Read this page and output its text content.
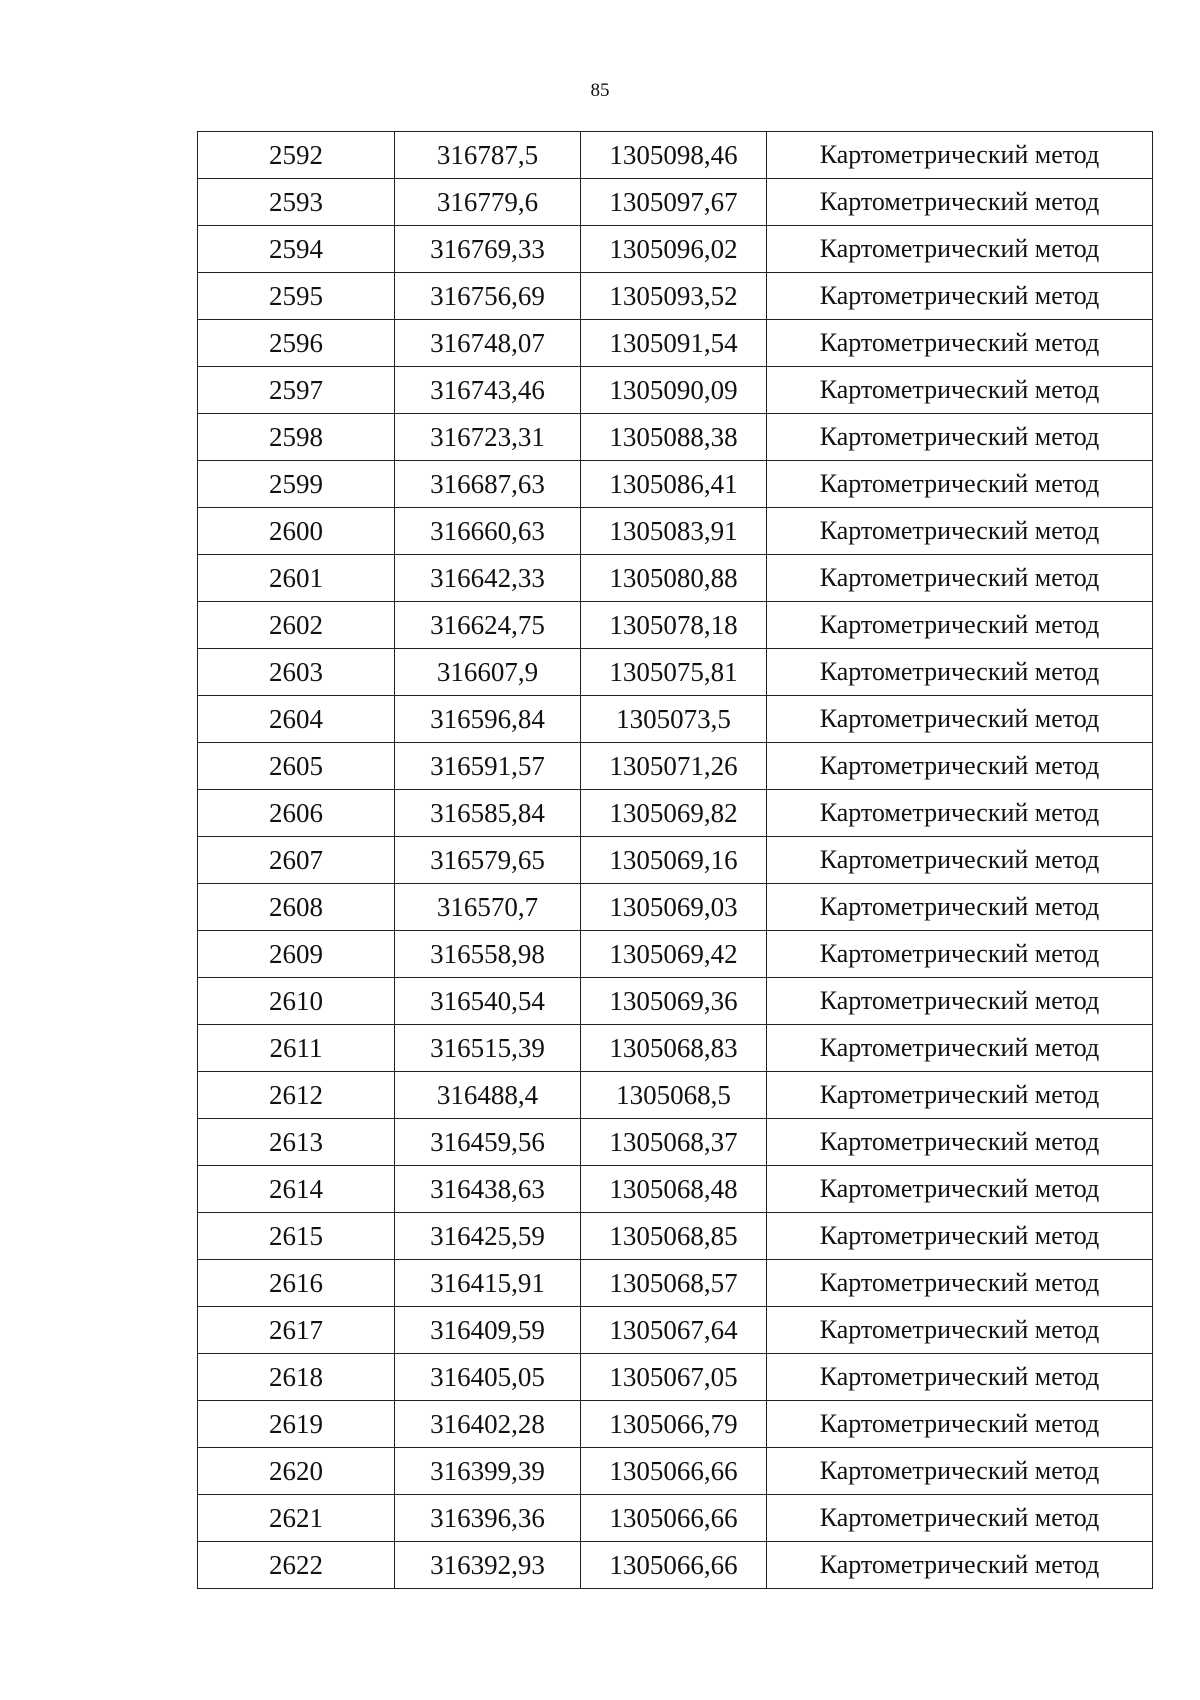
85
2592	316787,5	1305098,46	Картометрический метод
2593	316779,6	1305097,67	Картометрический метод
2594	316769,33	1305096,02	Картометрический метод
2595	316756,69	1305093,52	Картометрический метод
2596	316748,07	1305091,54	Картометрический метод
2597	316743,46	1305090,09	Картометрический метод
2598	316723,31	1305088,38	Картометрический метод
2599	316687,63	1305086,41	Картометрический метод
2600	316660,63	1305083,91	Картометрический метод
2601	316642,33	1305080,88	Картометрический метод
2602	316624,75	1305078,18	Картометрический метод
2603	316607,9	1305075,81	Картометрический метод
2604	316596,84	1305073,5	Картометрический метод
2605	316591,57	1305071,26	Картометрический метод
2606	316585,84	1305069,82	Картометрический метод
2607	316579,65	1305069,16	Картометрический метод
2608	316570,7	1305069,03	Картометрический метод
2609	316558,98	1305069,42	Картометрический метод
2610	316540,54	1305069,36	Картометрический метод
2611	316515,39	1305068,83	Картометрический метод
2612	316488,4	1305068,5	Картометрический метод
2613	316459,56	1305068,37	Картометрический метод
2614	316438,63	1305068,48	Картометрический метод
2615	316425,59	1305068,85	Картометрический метод
2616	316415,91	1305068,57	Картометрический метод
2617	316409,59	1305067,64	Картометрический метод
2618	316405,05	1305067,05	Картометрический метод
2619	316402,28	1305066,79	Картометрический метод
2620	316399,39	1305066,66	Картометрический метод
2621	316396,36	1305066,66	Картометрический метод
2622	316392,93	1305066,66	Картометрический метод
